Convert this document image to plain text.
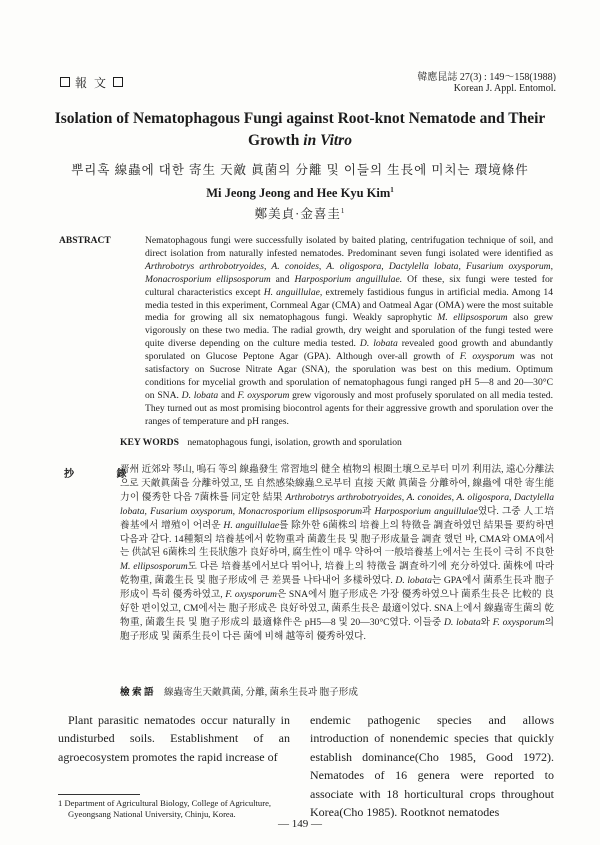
報 文	韓應昆誌 27(3) : 149～158(1988)
Korean J. Appl. Entomol.
Isolation of Nematophagous Fungi against Root-knot Nematode and Their Growth in Vitro
뿌리혹 線蟲에 대한 寄生 天敵 眞菌의 分離 및 이들의 生長에 미치는 環境條件
Mi Jeong Jeong and Hee Kyu Kim$^1$
鄭美貞·金喜圭$^1$
ABSTRACT	Nematophagous fungi were successfully isolated by baited plating, centrifugation technique of soil, and direct isolation from naturally infested nematodes. Predominant seven fungi isolated were identified as Arthrobotrys arthrobotryoides, A. conoides, A. oligospora, Dactylella lobata, Fusarium oxysporum, Monacrosporium ellipsosporum and Harposporium anguillulae. Of these, six fungi were tested for cultural characteristics except H. anguillulae, extremely fastidious fungus in artificial media. Among 14 media tested in this experiment, Cornmeal Agar (CMA) and Oatmeal Agar (OMA) were the most suitable media for growing all six nematophagous fungi. Weakly saprophytic M. ellipsosporum also grew vigorously on these two media. The radial growth, dry weight and sporulation of the fungi tested were quite diverse depending on the culture media tested. D. lobata revealed good growth and abundantly sporulated on Glucose Peptone Agar (GPA). Although over-all growth of F. oxysporum was not satisfactory on Sucrose Nitrate Agar (SNA), the sporulation was best on this medium. Optimum conditions for mycelial growth and sporulation of nematophagous fungi ranged pH 5—8 and 20—30°C on SNA. D. lobata and F. oxysporum grew vigorously and most profusely sporulated on all media tested. They turned out as most promising biocontrol agents for their aggressive growth and sporulation over the ranges of temperature and pH ranges.
KEY WORDS nematophagous fungi, isolation, growth and sporulation
抄 錄
晋州 近郊와 琴山, 鳴石 等의 線蟲發生 常習地의 健全 植物의 根圈土壤으로부터 미끼 利用法, 遠心分離法으로 天敵眞菌을 分離하였고, 또 自然感染線蟲으로부터 直接 天敵 眞菌을 分離하여, 線蟲에 대한 寄生能力이 優秀한 다음 7菌株를 同定한 結果 Arthrobotrys arthrobotryoides, A. conoides, A. oligospora, Dactylella lobata, Fusarium oxysporum, Monacrosporium ellipsosporum과 Harposporium anguillulae였다. 그중 人工培養基에서 增殖이 어려운 H. anguillulae를 除外한 6菌株의 培養上의 特徵을 調査하였던 結果를 要約하면 다음과 같다. 14種類의 培養基에서 乾物重과 菌叢生長 및 胞子形成量을 調査 했던 바, CMA와 OMA에서는 供試된 6菌株의 生長狀態가 良好하며, 腐生性이 매우 약하여 一般培養基上에서는 生長이 극히 不良한 M. ellipsosporum도 다른 培養基에서보다 뛰어나, 培養上의 特徵을 調査하기에 充分하였다. 菌株에 따라 乾物重, 菌叢生長 및 胞子形成에 큰 差異를 나타내어 多樣하였다. D. lobata는 GPA에서 菌系生長과 胞子形成이 특히 優秀하였고, F. oxysporum은 SNA에서 胞子形成은 가장 優秀하였으나 菌系生長은 比較的 良好한 편이었고, CM에서는 胞子形成은 良好하였고, 菌系生長은 最適이었다. SNA上에서 線蟲寄生菌의 乾物重, 菌叢生長 및 胞子形成의 最適條件은 pH5—8 및 20—30°C였다. 이들중 D. lobata와 F. oxysporum의 胞子形成 및 菌系生長이 다른 菌에 비해 越等히 優秀하였다.
檢 索 語 線蟲寄生天敵眞菌, 分離, 菌糸生長과 胞子形成
Plant parasitic nematodes occur naturally in undisturbed soils. Establishment of an agroecosystem promotes the rapid increase of
endemic pathogenic species and allows introduction of nonendemic species that quickly establish dominance(Cho 1985, Good 1972). Nematodes of 16 genera were reported to associate with 18 horticultural crops throughout Korea(Cho 1985). Rootknot nematodes
1 Department of Agricultural Biology, College of Agriculture, Gyeongsang National University, Chinju, Korea.
— 149 —
